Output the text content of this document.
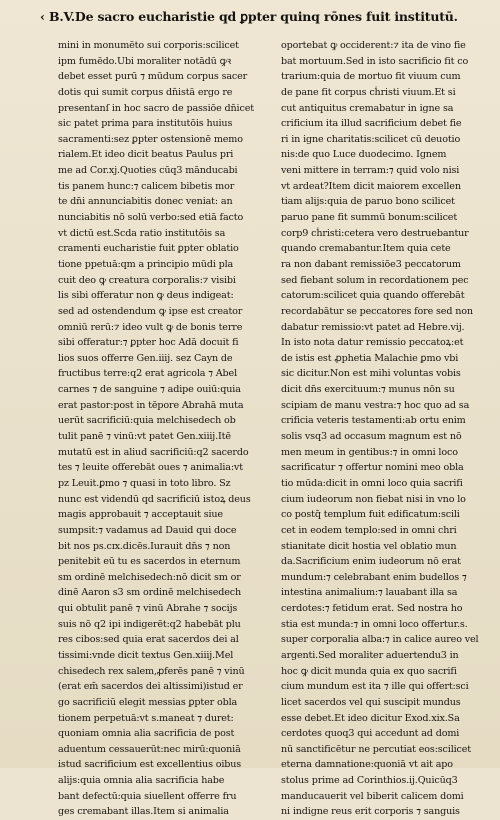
‹ B.V.De sacro eucharistie qd ꝑpter quinq rōnes fuit institutū.
mini in monumēto sui corporis:scilicet
ipm fumēdo.Ubi moraliter notādū ꝙꝛ
debet esset purū ⁊ mūdum corpus sacer
dotis qui sumit corpus dn̄istā ergo re
presentanſ in hoc sacro de passiōe dn̄icet
sic patet prima para institutōis huius
sacramenti:sez ꝑpter ostensionē memo
rialem.Et ideo dicit beatus Paulus pri
me ad Cor.xj.Quoties cūq3 mānducabi
tis panem hunc:⁊ calicem bibetis mor
te dn̄i annunciabitis donec veniat: an
nunciabitis nō solū verbo:sed etiā facto
vt dictū est.Scda ratio institutōis sa
cramenti eucharistie fuit ꝑpter oblatio
tione ppetuā:qm a principio mūdi pla
cuit deo ꝙ creatura corporalis:⁊ visibi
lis sibi offeratur non ꝙ deus indigeat:
sed ad ostendendum ꝙ ipse est creator
omniū rerū:⁊ ideo vult ꝙ de bonis terre
sibi offeratur:⁊ ꝑpter hoc Adā docuit fi
lios suos offerre Gen.iiij. sez Cayn de
fructibus terre:q2 erat agricola ⁊ Abel
carnes ⁊ de sanguine ⁊ adipe ouiū:quia
erat pastor:post in tēpore Abrahā muta
uerūt sacrificiū:quia melchisedech ob
tulit panē ⁊ vinū:vt patet Gen.xiiij.Itē
mutatū est in aliud sacrificiū:q2 sacerdo
tes ⁊ leuite offerebāt oues ⁊ animalia:vt
pz Leuit.ꝑmo ⁊ quasi in toto libro. Sz
nunc est videndū qd sacrificiū istoꝝ deus
magis approbauit ⁊ acceptauit siue
sumpsit:⁊ vadamus ad Dauid qui doce
bit nos ps.cɪx.dicēs.Iurauit dn̄s ⁊ non
penitebit eū tu es sacerdos in eternum
sm ordinē melchisedech:nō dicit sm or
dinē Aaron s3 sm ordinē melchisedech
qui obtulit panē ⁊ vinū Abrahe ⁊ socijs
suis nō q2 ipi indigerēt:q2 habebāt plu
res cibos:sed quia erat sacerdos dei al
tissimi:vnde dicit textus Gen.xiiij.Mel
chisedech rex salem,ꝓferēs panē ⁊ vinū
(erat em̄ sacerdos dei altissimi)istud er
go sacrificiū elegit messias ꝑpter obla
tionem perpetuā:vt s.maneat ⁊ duret:
quoniam omnia alia sacrificia de post
aduentum cessauerūt:nec mirū:quoniā
istud sacrificium est excellentius oibus
alijs:quia omnia alia sacrificia habe
bant defectū:quia siuellent offerre fru
ges cremabant illas.Item si animalia
oportebat ꝙ occiderent:⁊ ita de vino fie
bat mortuum.Sed in isto sacrificio fit co
trarium:quia de mortuo fit viuum cum
de pane fit corpus cḣristi viuum.Et si
cut antiquitus cremabatur in igne sa
crificium ita illud sacrificium debet fie
ri in igne charitatis:scilicet cū deuotio
nis:de quo Luce duodecimo. Ignem
veni mittere in terram:⁊ quid volo nisi
vt ardeat?Item dicit maiorem excellen
tiam alijs:quia de paruo bono scilicet
paruo pane fit summū bonum:scilicet
corp9 cḣristi:cetera vero destruebantur
quando cremabantur.Item quia cete
ra non dabant remissiōe3 peccatorum
sed fiebant solum in recordationem pec
catorum:scilicet quia quando offerebāt
recordabātur se peccatores fore sed non
dabatur remissio:vt patet ad Hebre.vij.
In isto nota datur remissio peccatoꝝ:et
de istis est ꝓphetia Malachie ꝑmo vbi
sic dicitur.Non est mihi voluntas vobis
dicit dn̄s exercituum:⁊ munus nōn su
scipiam de manu vestra:⁊ hoc quo ad sa
crificia veteris testamenti:ab ortu enim
solis vsq3 ad occasum magnum est nō
men meum in gentibus:⁊ in omni loco
sacrificatur ⁊ offertur nomini meo obla
tio mūda:dicit in omni loco quia sacrifi
cium iudeorum non fiebat nisi in vno lo
co postq̄ templum fuit edificatum:scili
cet in eodem templo:sed in omni chri
stianitate dicit hostia vel oblatio mun
da.Sacrificium enim iudeorum nō erat
mundum:⁊ celebrabant enim budellos ⁊
intestina animalium:⁊ lauabant illa sa
cerdotes:⁊ fetidum erat. Sed nostra ho
stia est munda:⁊ in omni loco offertur.s.
super corporalia alba:⁊ in calice aureo vel
argenti.Sed moraliter aduertendu3 in
hoc ꝙ dicit munda quia ex quo sacrifi
cium mundum est ita ⁊ ille qui offert:sci
licet sacerdos vel qui suscipit mundus
esse debet.Et ideo dicitur Exod.xix.Sa
cerdotes quoq3 qui accedunt ad domi
nū sanctificētur ne percutiat eos:scilicet
eterna damnatione:quoniā vt ait apo
stolus prime ad Corinthios.ij.Quicūq3
manducauerit vel biberit calicem domi
ni indigne reus erit corporis ⁊ sanguis
